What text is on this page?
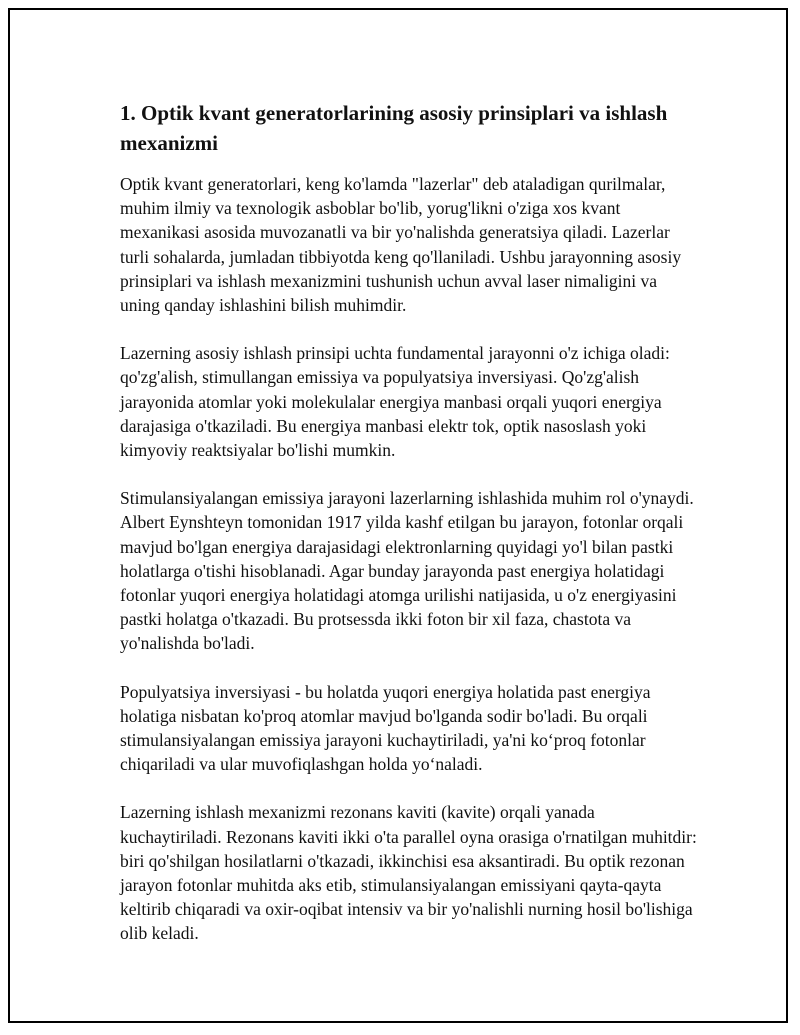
1. Optik kvant generatorlarining asosiy prinsiplari va ishlash mexanizmi

Optik kvant generatorlari, keng ko'lamda "lazerlar" deb ataladigan qurilmalar, muhim ilmiy va texnologik asboblar bo'lib, yorug'likni o'ziga xos kvant mexanikasi asosida muvozanatli va bir yo'nalishda generatsiya qiladi. Lazerlar turli sohalarda, jumladan tibbiyotda keng qo'llaniladi. Ushbu jarayonning asosiy prinsiplari va ishlash mexanizmini tushunish uchun avval laser nimaligini va uning qanday ishlashini bilish muhimdir.

Lazerning asosiy ishlash prinsipi uchta fundamental jarayonni o'z ichiga oladi: qo'zg'alish, stimullangan emissiya va populyatsiya inversiyasi. Qo'zg'alish jarayonida atomlar yoki molekulalar energiya manbasi orqali yuqori energiya darajasiga o'tkaziladi. Bu energiya manbasi elektr tok, optik nasoslash yoki kimyoviy reaktsiyalar bo'lishi mumkin.

Stimulansiyalangan emissiya jarayoni lazerlarning ishlashida muhim rol o'ynaydi. Albert Eynshteyn tomonidan 1917 yilda kashf etilgan bu jarayon, fotonlar orqali mavjud bo'lgan energiya darajasidagi elektronlarning quyidagi yo'l bilan pastki holatlarga o'tishi hisoblanadi. Agar bunday jarayonda past energiya holatidagi fotonlar yuqori energiya holatidagi atomga urilishi natijasida, u o'z energiyasini pastki holatga o'tkazadi. Bu protsessda ikki foton bir xil faza, chastota va yo'nalishda bo'ladi.

Populyatsiya inversiyasi - bu holatda yuqori energiya holatida past energiya holatiga nisbatan ko'proq atomlar mavjud bo'lganda sodir bo'ladi. Bu orqali stimulansiyalangan emissiya jarayoni kuchaytiriladi, ya'ni ko‘proq fotonlar chiqariladi va ular muvofiqlashgan holda yo‘naladi.

Lazerning ishlash mexanizmi rezonans kaviti (kavite) orqali yanada kuchaytiriladi. Rezonans kaviti ikki o'ta parallel oyna orasiga o'rnatilgan muhitdir: biri qo'shilgan hosilatlarni o'tkazadi, ikkinchisi esa aksantiradi. Bu optik rezonan jarayon fotonlar muhitda aks etib, stimulansiyalangan emissiyani qayta-qayta keltirib chiqaradi va oxir-oqibat intensiv va bir yo'nalishli nurning hosil bo'lishiga olib keladi.
